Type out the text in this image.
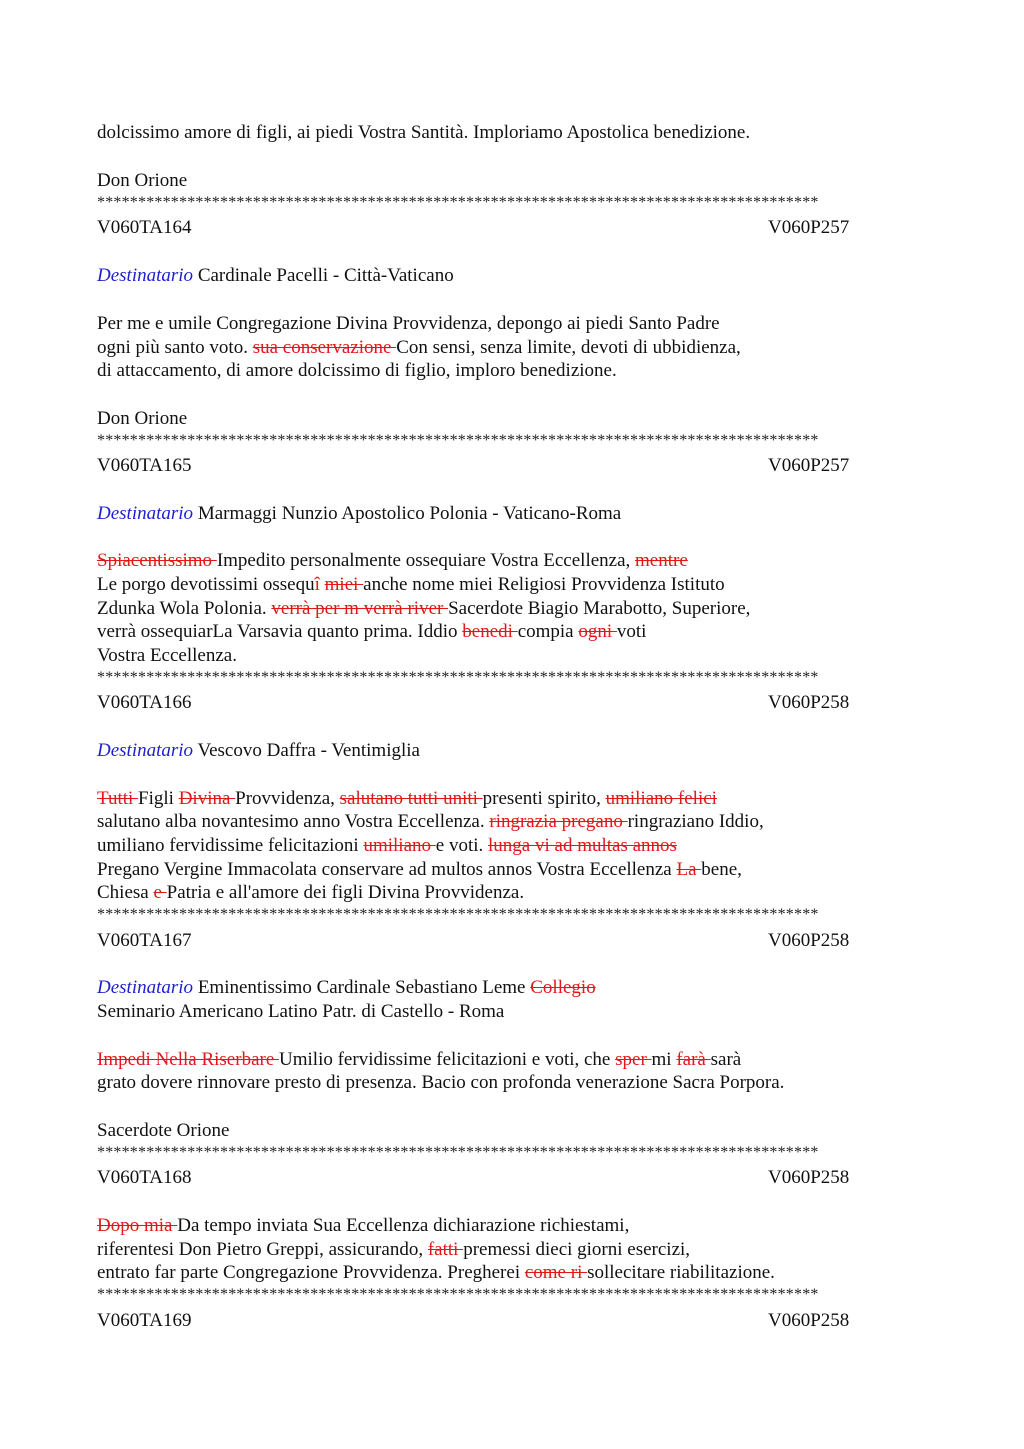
dolcissimo amore di figli, ai piedi Vostra Santità. Imploriamo Apostolica benedizione.
Don Orione
****************************************************************************************
V060TA164	V060P257
Destinatario Cardinale Pacelli - Città-Vaticano
Per me e umile Congregazione Divina Provvidenza, depongo ai piedi Santo Padre
ogni più santo voto. sua conservazione Con sensi, senza limite, devoti di ubbidienza,
di attaccamento, di amore dolcissimo di figlio, imploro benedizione.
Don Orione
****************************************************************************************
V060TA165	V060P257
Destinatario Marmaggi Nunzio Apostolico Polonia - Vaticano-Roma
Spiacentissimo Impedito personalmente ossequiare Vostra Eccellenza, mentre
Le porgo devotissimi ossequî miei anche nome miei Religiosi Provvidenza Istituto
Zdunka Wola Polonia. verrà per m verrà river Sacerdote Biagio Marabotto, Superiore,
verrà ossequiarLa Varsavia quanto prima. Iddio benedi compia ogni voti
Vostra Eccellenza.
****************************************************************************************
V060TA166	V060P258
Destinatario Vescovo Daffra - Ventimiglia
Tutti Figli Divina Provvidenza, salutano tutti uniti presenti spirito, umiliano felici
salutano alba novantesimo anno Vostra Eccellenza. ringrazia pregano ringraziano Iddio,
umiliano fervidissime felicitazioni umiliano e voti. lunga vi ad multas annos
Pregano Vergine Immacolata conservare ad multos annos Vostra Eccellenza La bene,
Chiesa e Patria e all'amore dei figli Divina Provvidenza.
****************************************************************************************
V060TA167	V060P258
Destinatario Eminentissimo Cardinale Sebastiano Leme Collegio
Seminario Americano Latino Patr. di Castello - Roma
Impedi Nella Riserbare Umilio fervidissime felicitazioni e voti, che sper mi farà sarà
grato dovere rinnovare presto di presenza. Bacio con profonda venerazione Sacra Porpora.
Sacerdote Orione
****************************************************************************************
V060TA168	V060P258
Dopo mia Da tempo inviata Sua Eccellenza dichiarazione richiestami,
riferentesi Don Pietro Greppi, assicurando, fatti premessi dieci giorni esercizi,
entrato far parte Congregazione Provvidenza. Pregherei come ri sollecitare riabilitazione.
****************************************************************************************
V060TA169	V060P258
